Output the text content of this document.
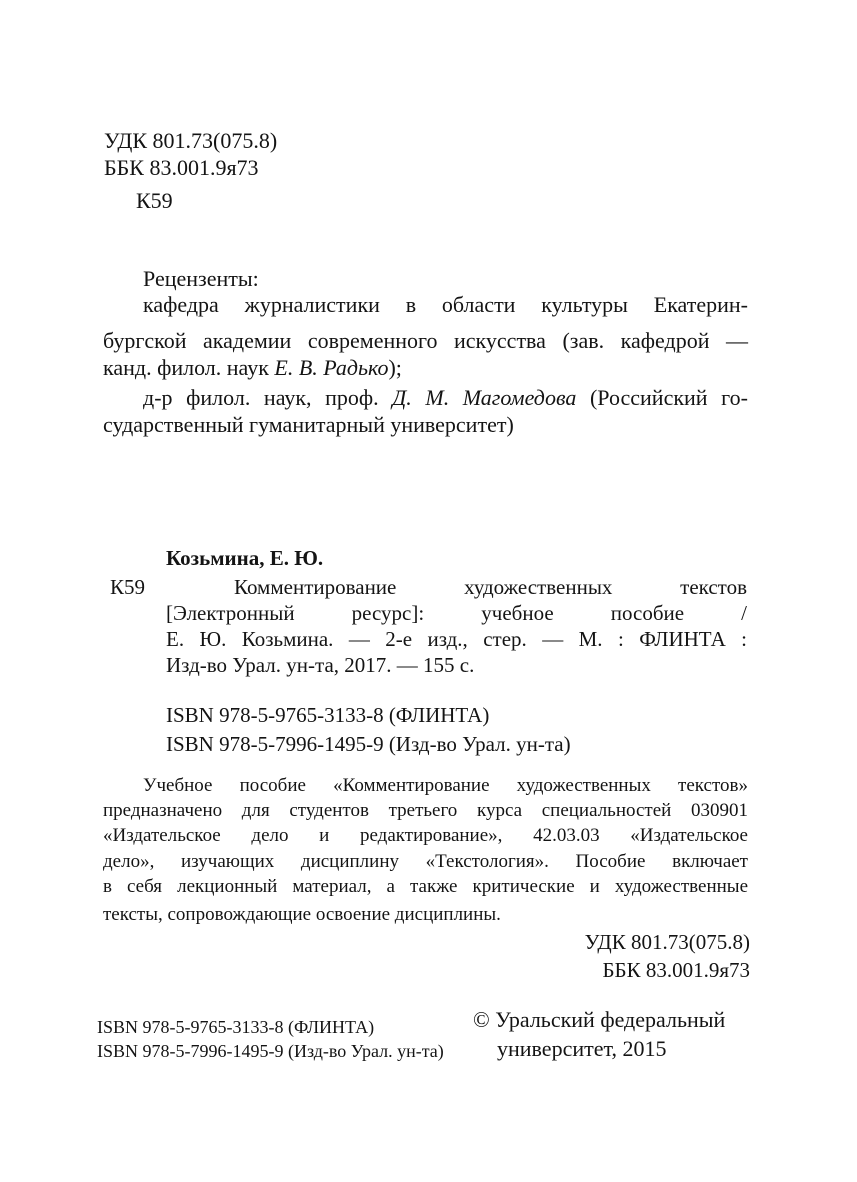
УДК 801.73(075.8)
ББК 83.001.9я73
К59
Рецензенты:
кафедра журналистики в области культуры Екатерин-
бургской академии современного искусства (зав. кафедрой —
канд. филол. наук Е. В. Радько);
д-р филол. наук, проф. Д. М. Магомедова (Российский го-
сударственный гуманитарный университет)
Козьмина, Е. Ю.
К59	Комментирование художественных текстов
[Электронный ресурс]: учебное пособие /
Е. Ю. Козьмина. — 2-е изд., стер. — М. : ФЛИНТА :
Изд-во Урал. ун-та, 2017. — 155 с.
ISBN 978-5-9765-3133-8 (ФЛИНТА)
ISBN 978-5-7996-1495-9 (Изд-во Урал. ун-та)
Учебное пособие «Комментирование художественных текстов»
предназначено для студентов третьего курса специальностей 030901
«Издательское дело и редактирование», 42.03.03 «Издательское
дело», изучающих дисциплину «Текстология». Пособие включает
в себя лекционный материал, а также критические и художественные
тексты, сопровождающие освоение дисциплины.
УДК 801.73(075.8)
ББК 83.001.9я73
ISBN 978-5-9765-3133-8 (ФЛИНТА)
ISBN 978-5-7996-1495-9 (Изд-во Урал. ун-та)
© Уральский федеральный
университет, 2015
